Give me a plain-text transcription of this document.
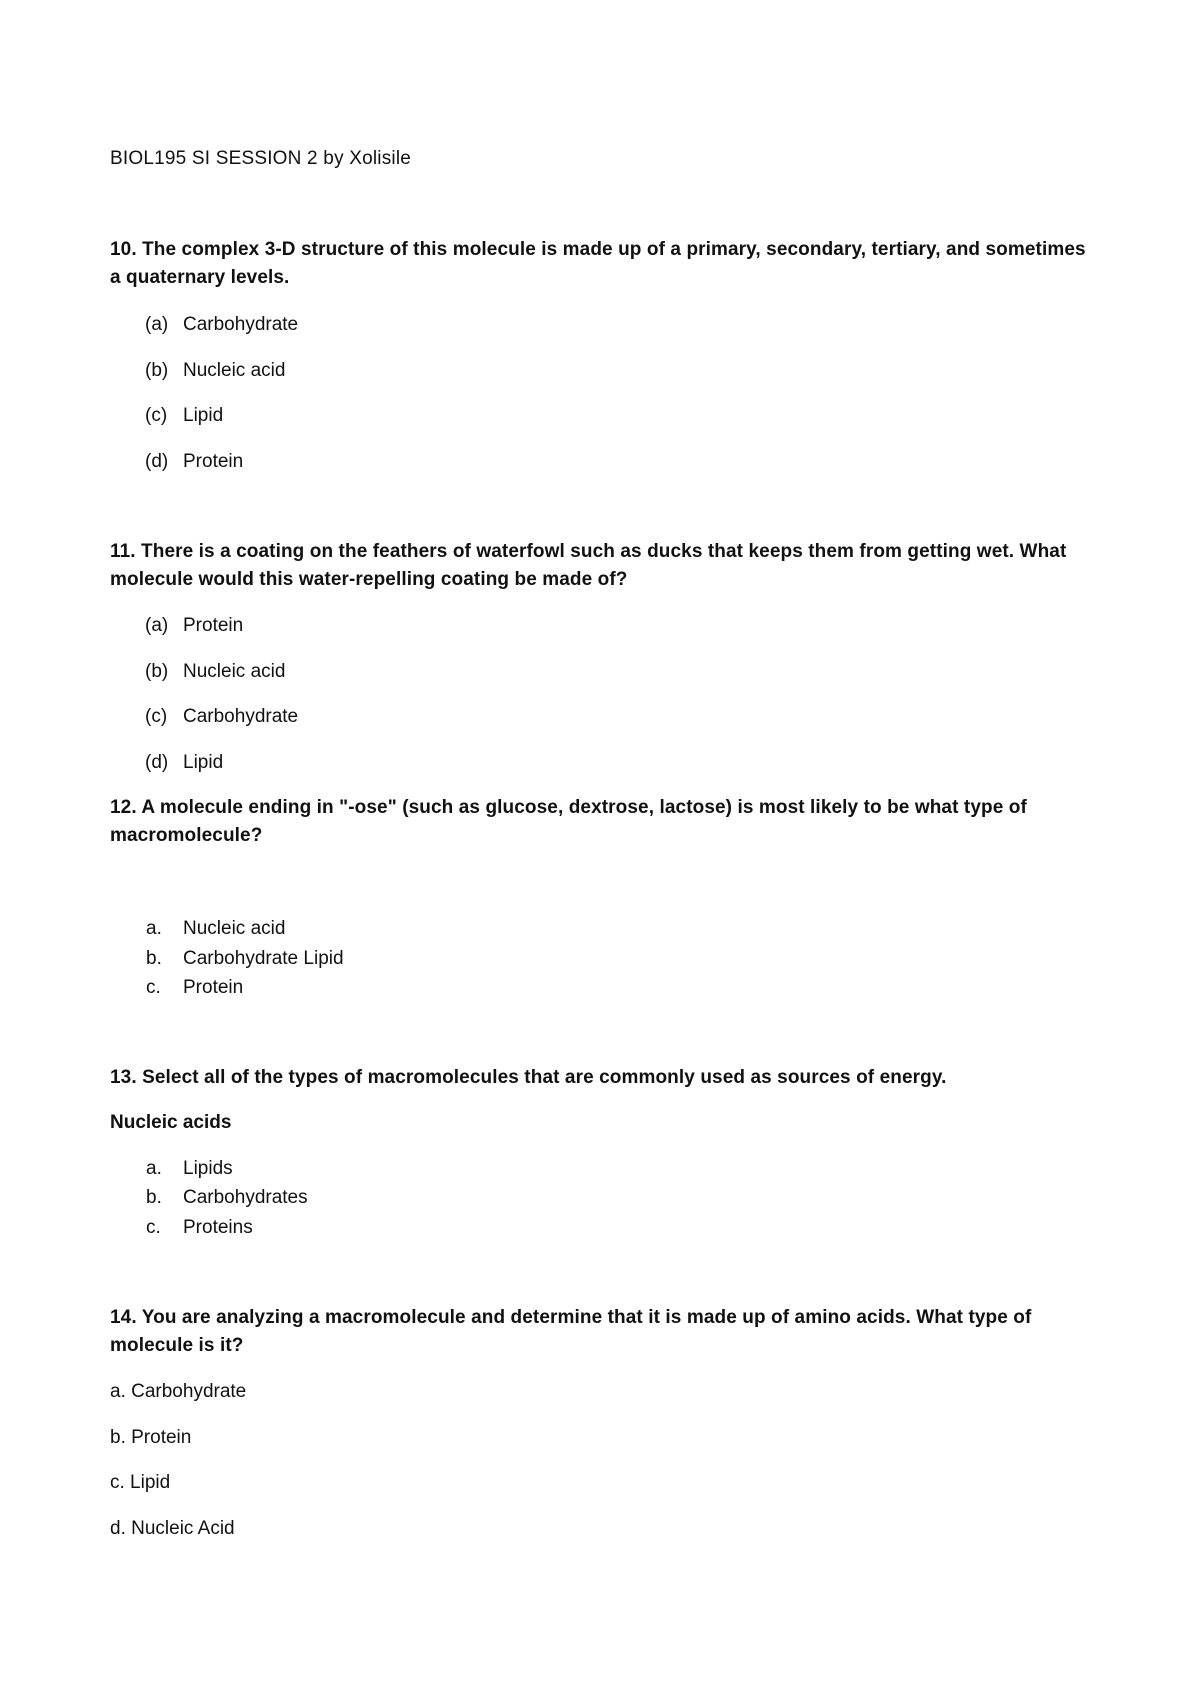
BIOL195 SI SESSION 2 by Xolisile
10. The complex 3-D structure of this molecule is made up of a primary, secondary, tertiary, and sometimes a quaternary levels.
(a) Carbohydrate
(b) Nucleic acid
(c) Lipid
(d) Protein
11. There is a coating on the feathers of waterfowl such as ducks that keeps them from getting wet. What molecule would this water-repelling coating be made of?
(a) Protein
(b) Nucleic acid
(c) Carbohydrate
(d) Lipid
12. A molecule ending in "-ose" (such as glucose, dextrose, lactose) is most likely to be what type of macromolecule?
a. Nucleic acid
b. Carbohydrate Lipid
c. Protein
13. Select all of the types of macromolecules that are commonly used as sources of energy.
Nucleic acids
a. Lipids
b. Carbohydrates
c. Proteins
14. You are analyzing a macromolecule and determine that it is made up of amino acids. What type of molecule is it?
a. Carbohydrate
b. Protein
c. Lipid
d. Nucleic Acid
